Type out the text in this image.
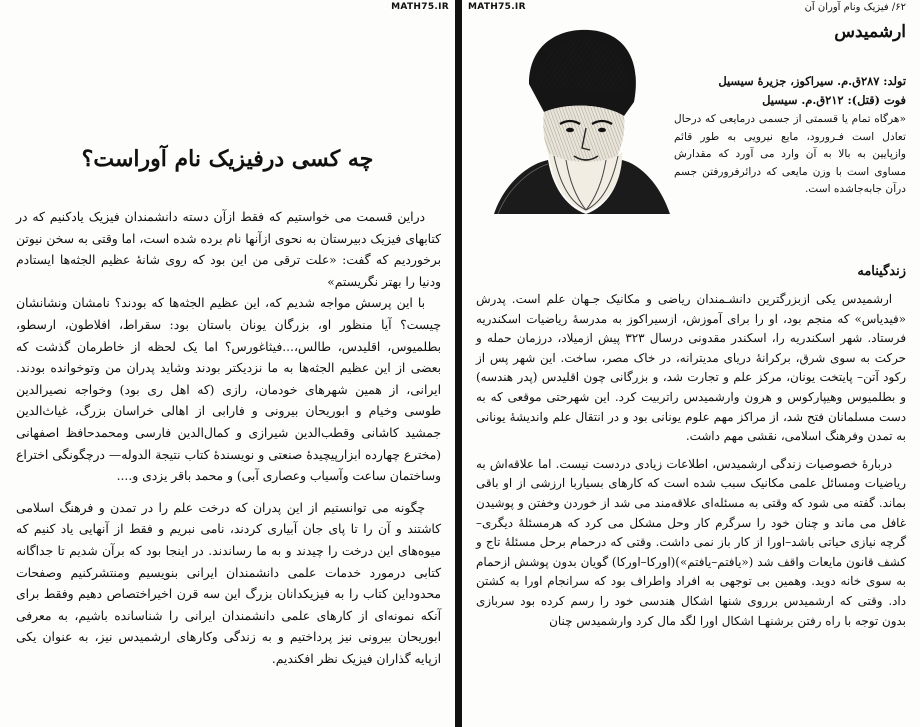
MATH75.IR
چه کسی درفیزیک نام آوراست؟

دراین قسمت می خواستیم که فقط ازآن دسته دانشمندان فیزیک یادکنیم که در کتابهای فیزیک دبیرستان به نحوی ازآنها نام برده شده است، اما وقتی به سخن نیوتن برخوردیم که گفت: «علت ترقی من این بود که روی شانهٔ عظیم الجثه‌ها ایستادم ودنیا را بهتر نگریستم»

با این پرسش مواجه شدیم که، این عظیم الجثه‌ها که بودند؟ نامشان ونشانشان چیست؟ آیا منظور او، بزرگان یونان باستان بود: سقراط، افلاطون، ارسطو، بطلمیوس، اقلیدس، طالس،...فیثاغورس؟ اما یک لحظه از خاطرمان گذشت که بعضی از این عظیم الجثه‌ها به ما نزدیکتر بودند وشاید پدران من وتوخوانده بودند. ایرانی، از همین شهرهای خودمان، رازی (که اهل ری بود) وخواجه نصیرالدین طوسی وخیام و ابوریحان بیرونی و فارابی از اهالی خراسان بزرگ، غیاث‌الدین جمشید کاشانی وقطب‌الدین شیرازی و کمال‌الدین فارسی ومحمدحافظ اصفهانی (مخترع چهارده ابزارپیچیدهٔ صنعتی و نویسندهٔ کتاب نتیجة الدوله— درچگونگی اختراع وساختمان ساعت وآسیاب وعصاری آبی) و محمد باقر یزدی و....

چگونه می توانستیم از این پدران که درخت علم را در تمدن و فرهنگ اسلامی کاشتند و آن را تا پای جان آبیاری کردند، نامی نبریم و فقط از آنهایی یاد کنیم که میوه‌های این درخت را چیدند و به ما رساندند. در اینجا بود که برآن شدیم تا جداگانه کتابی درمورد خدمات علمی دانشمندان ایرانی بنویسیم ومنتشرکنیم وصفحات محدوداین کتاب را به فیزیکدانان بزرگ این سه قرن اخیراختصاص دهیم وفقط برای آنکه نمونه‌ای از کارهای علمی دانشمندان ایرانی را شناسانده باشیم، به معرفی ابوریحان بیرونی نیز پرداختیم و به زندگی وکارهای ارشمیدس نیز، به عنوان یکی ازپایه گذاران فیزیک نظر افکندیم.

MATH75.IR	۶۲/ فیزیک ونام آوران آن
ارشمیدس
تولد: ۲۸۷ق.م. سیراکوز، جزیرهٔ سیسیل
فوت (قتل): ۲۱۲ق.م. سیسیل
«هرگاه تمام یا قسمتی از جسمی درمایعی که درحال تعادل است فـرورود، مایع نیرویی به طور قائم وازپایین به بالا به آن وارد می آورد که مقدارش مساوی است با وزن مایعی که درائرفرورفتن جسم درآن جابه‌جاشده است.
زندگینامه

ارشمیدس یکی ازبزرگترین دانشـمندان ریاضی و مکانیک جـهان علم است. پدرش «فیدیاس» که منجم بود، او را برای آموزش، ازسیراکوز به مدرسهٔ ریاضیات اسکندریه فرستاد. شهر اسکندریه را، اسکندر مقدونی درسال ۳۲۳ پیش ازمیلاد، درزمان حمله و حرکت به سوی شرق، برکرانهٔ دریای مدیترانه، در خاک مصر، ساخت. این شهر پس از رکود آتن– پایتخت یونان، مرکز علم و تجارت شد، و بزرگانی چون اقلیدس (پدر هندسه) و بطلمیوس وهیپارکوس و هرون وارشمیدس راتربیت کرد. این شهرحتی موقعی که به دست مسلمانان فتح شد، از مراکز مهم علوم یونانی بود و در انتقال علم واندیشهٔ یونانی به تمدن وفرهنگ اسلامی، نقشی مهم داشت.

دربارهٔ خصوصیات زندگی ارشمیدس، اطلاعات زیادی دردست نیست. اما علاقه‌اش به ریاضیات ومسائل علمی مکانیک سبب شده است که کارهای بسیاربا ارزشی از او باقی بماند. گفته می شود که وقتی به مسئله‌ای علاقه‌مند می شد از خوردن وخفتن و پوشیدن غافل می ماند و چنان خود را سرگرم کار وحل مشکل می کرد که هرمسئلهٔ دیگری– گرچه نیازی حیاتی باشد–اورا از کار باز نمی داشت. وقتی که درحمام برحل مسئلهٔ تاج و کشف قانون مایعات واقف شد («یافتم–یافتم»)(اورکا–اورکا) گویان بدون پوشش ازحمام به سوی خانه دوید. وهمین بی توجهی به افراد واطراف بود که سرانجام اورا به کشتن داد. وقتی که ارشمیدس برروی شنها اشکال هندسی خود را رسم کرده بود سربازی بدون توجه با راه رفتن برشنهـا اشکال اورا لگد مال کرد وارشمیدس چنان
